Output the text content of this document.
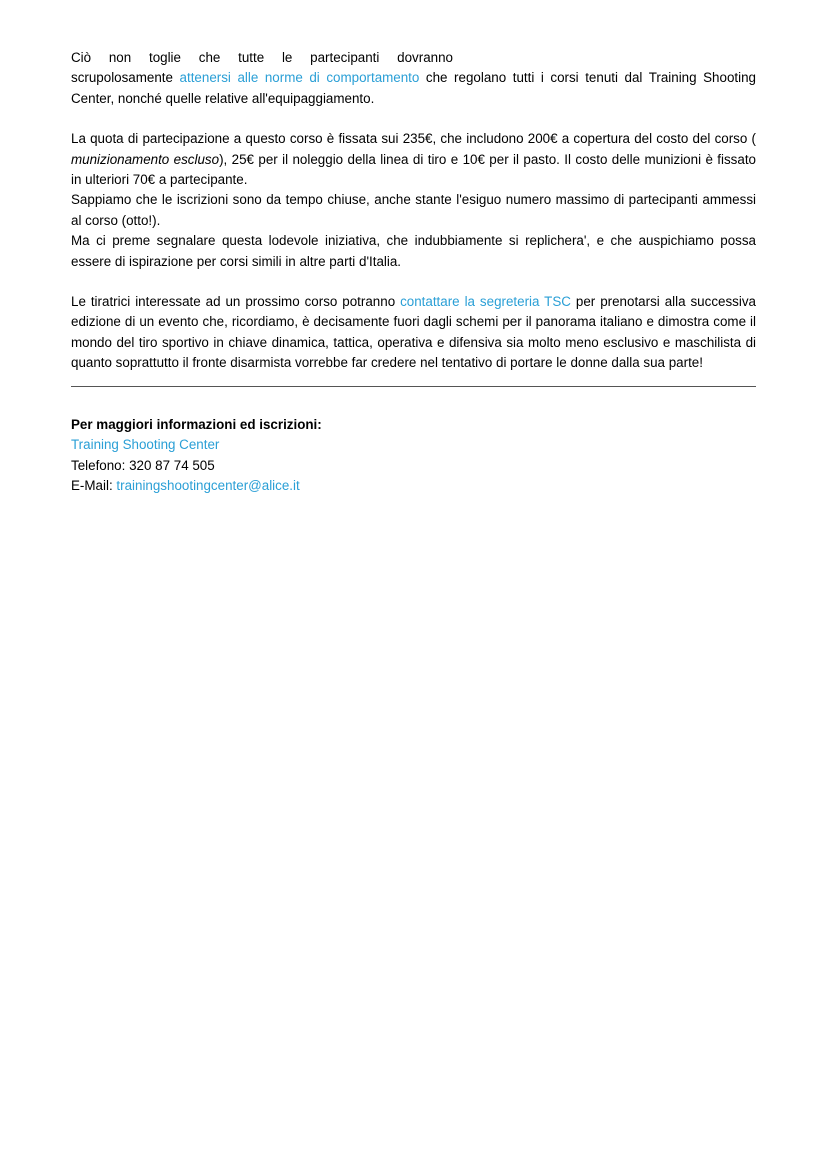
Ciò non toglie che tutte le partecipanti dovranno

scrupolosamente attenersi alle norme di comportamento che regolano tutti i corsi tenuti dal Training Shooting Center, nonché quelle relative all'equipaggiamento.

La quota di partecipazione a questo corso è fissata sui 235€, che includono 200€ a copertura del costo del corso ( munizionamento escluso), 25€ per il noleggio della linea di tiro e 10€ per il pasto. Il costo delle munizioni è fissato in ulteriori 70€ a partecipante.

Sappiamo che le iscrizioni sono da tempo chiuse, anche stante l'esiguo numero massimo di partecipanti ammessi al corso (otto!).

Ma ci preme segnalare questa lodevole iniziativa, che indubbiamente si replichera', e che auspichiamo possa essere di ispirazione per corsi simili in altre parti d'Italia.

Le tiratrici interessate ad un prossimo corso potranno contattare la segreteria TSC per prenotarsi alla successiva edizione di un evento che, ricordiamo, è decisamente fuori dagli schemi per il panorama italiano e dimostra come il mondo del tiro sportivo in chiave dinamica, tattica, operativa e difensiva sia molto meno esclusivo e maschilista di quanto soprattutto il fronte disarmista vorrebbe far credere nel tentativo di portare le donne dalla sua parte!

Per maggiori informazioni ed iscrizioni:
Training Shooting Center
Telefono: 320 87 74 505
E-Mail: trainingshootingcenter@alice.it
